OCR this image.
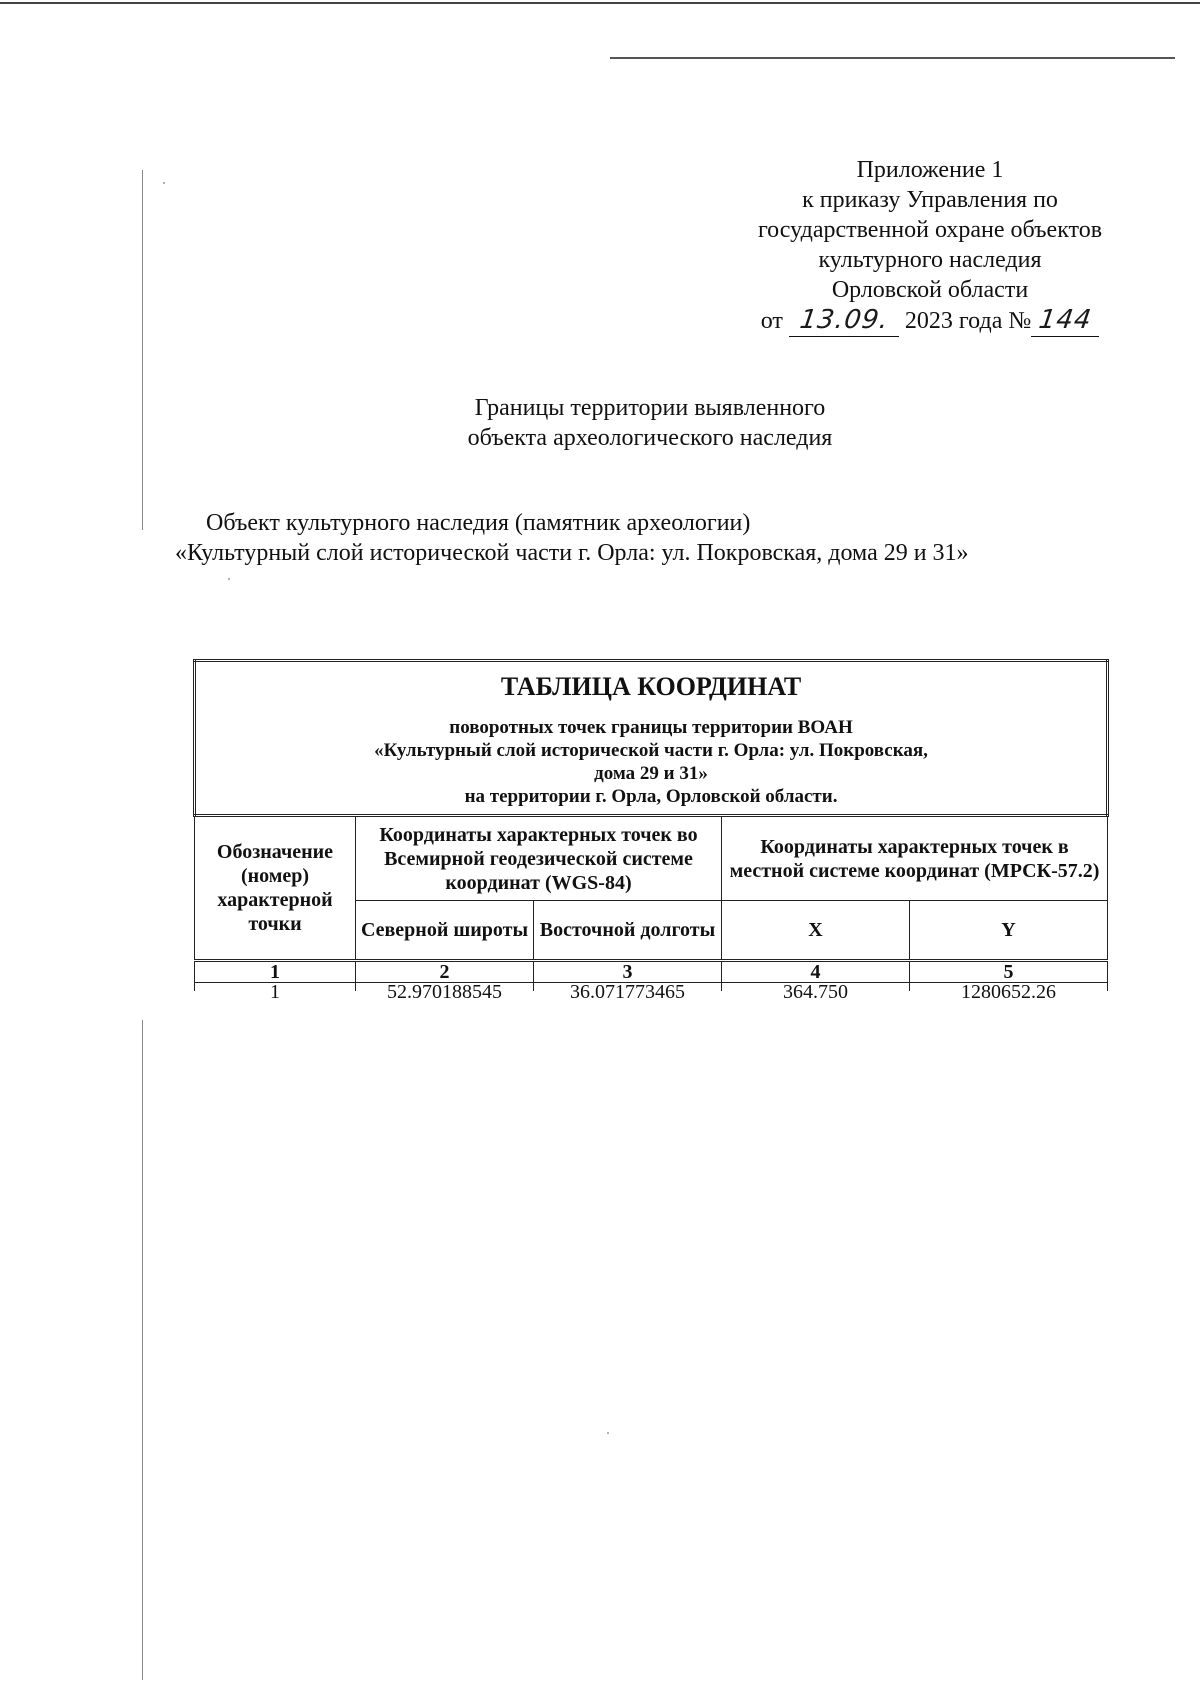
Приложение 1
к приказу Управления по
государственной охране объектов
культурного наследия
Орловской области
от 13.09. 2023 года № 144
Границы территории выявленного
объекта археологического наследия
Объект культурного наследия (памятник археологии)
«Культурный слой исторической части г. Орла: ул. Покровская, дома 29 и 31»
ТАБЛИЦА КООРДИНАТ
поворотных точек границы территории ВОАН
«Культурный слой исторической части г. Орла: ул. Покровская,
дома 29 и 31»
на территории г. Орла, Орловской области.				

Обозначение (номер) характерной точки	Координаты характерных точек во Всемирной геодезической системе координат (WGS-84)		Координаты характерных точек в местной системе координат (МРСК-57.2)	
	Северной широты	Восточной долготы	X	Y
1	2	3	4	5

1	52.970188545	36.071773465	364.750	1280652.26
